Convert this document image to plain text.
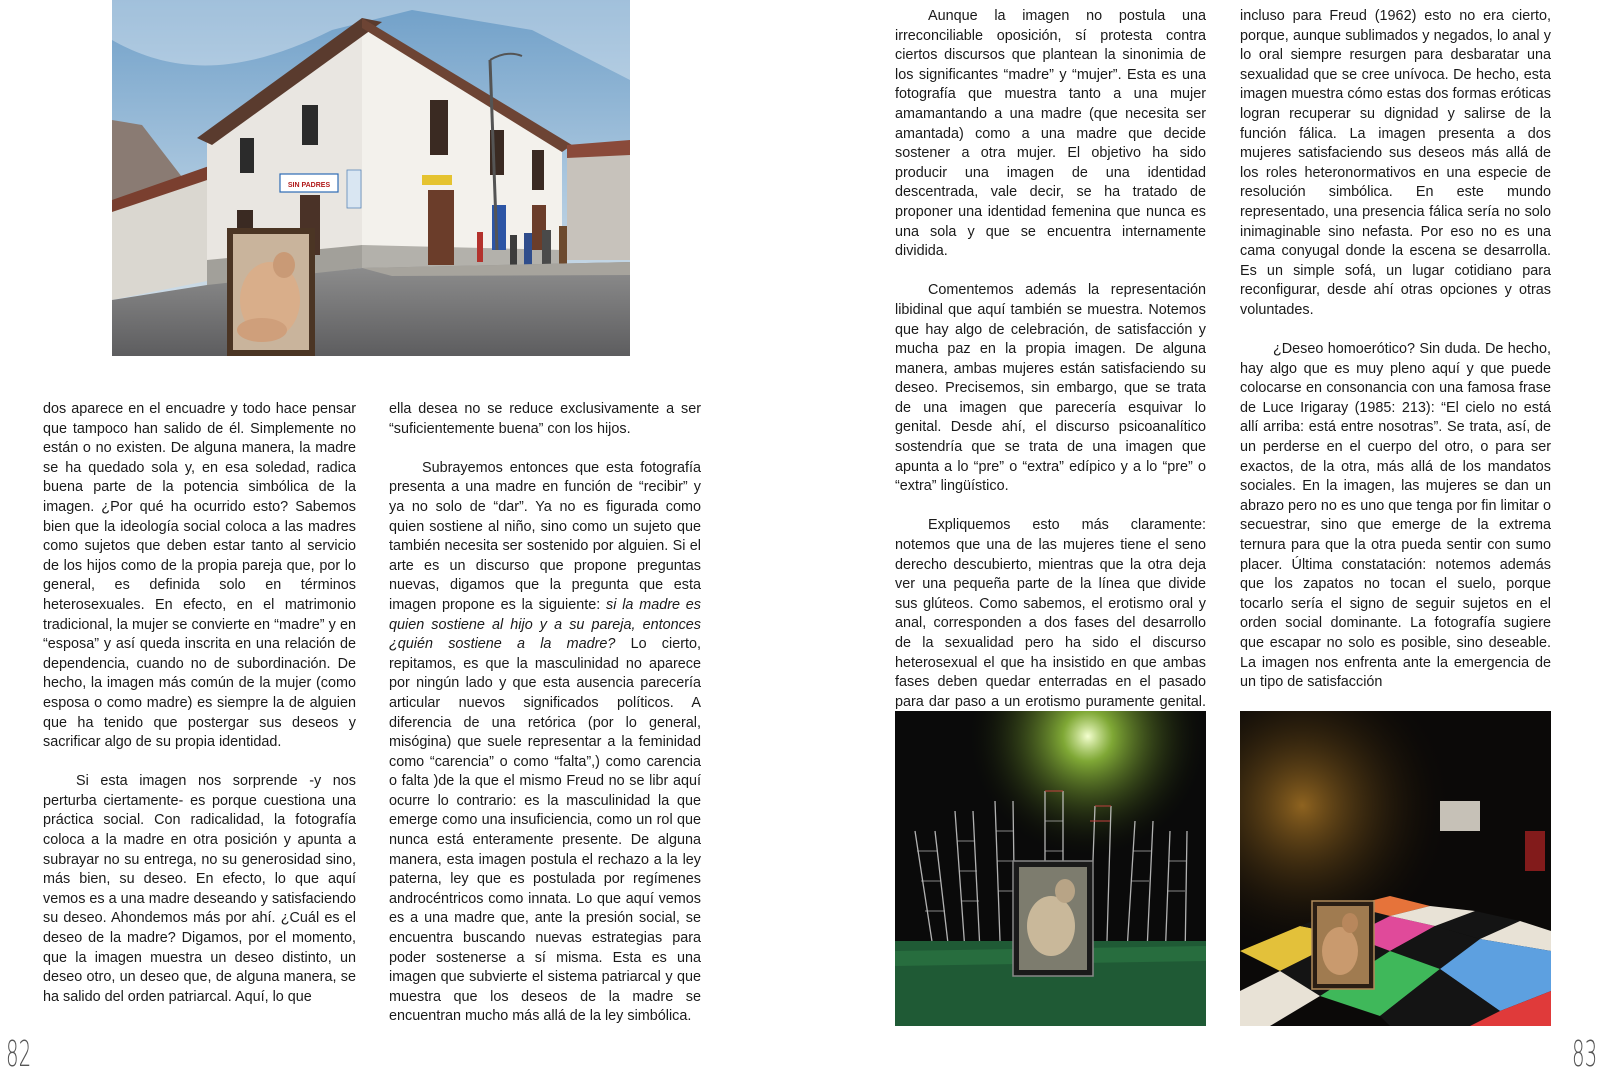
SIN PADRES

dos aparece en el encuadre y todo hace pensar que tampoco han salido de él. Simplemente no están o no existen. De alguna manera, la madre se ha quedado sola y, en esa soledad, radica buena parte de la potencia simbólica de la imagen. ¿Por qué ha ocurrido esto? Sabemos bien que la ideología social coloca a las madres como sujetos que deben estar tanto al servicio de los hijos como de la propia pareja que, por lo general, es definida solo en términos heterosexuales. En efecto, en el matrimonio tradicional, la mujer se convierte en “madre” y en “esposa” y así queda inscrita en una relación de dependencia, cuando no de subordinación. De hecho, la imagen más común de la mujer (como esposa o como madre) es siempre la de alguien que ha tenido que postergar sus deseos y sacrificar algo de su propia identidad.

Si esta imagen nos sorprende -y nos perturba ciertamente- es porque cuestiona una práctica social. Con radicalidad, la fotografía coloca a la madre en otra posición y apunta a subrayar no su entrega, no su generosidad sino, más bien, su deseo. En efecto, lo que aquí vemos es a una madre deseando y satisfaciendo su deseo. Ahondemos más por ahí. ¿Cuál es el deseo de la madre? Digamos, por el momento, que la imagen muestra un deseo distinto, un deseo otro, un deseo que, de alguna manera, se ha salido del orden patriarcal. Aquí, lo que

ella desea no se reduce exclusivamente a ser “suficientemente buena” con los hijos.

Subrayemos entonces que esta fotografía presenta a una madre en función de “recibir” y ya no solo de “dar”. Ya no es figurada como quien sostiene al niño, sino como un sujeto que también necesita ser sostenido por alguien. Si el arte es un discurso que propone preguntas nuevas, digamos que la pregunta que esta imagen propone es la siguiente: si la madre es quien sostiene al hijo y a su pareja, entonces ¿quién sostiene a la madre? Lo cierto, repitamos, es que la masculinidad no aparece por ningún lado y que esta ausencia parecería articular nuevos significados políticos. A diferencia de una retórica (por lo general, misógina) que suele representar a la feminidad como “carencia” o como “falta”,) como carencia o falta )de la que el mismo Freud no se libr aquí ocurre lo contrario: es la masculinidad la que emerge como una insuficiencia, como un rol que nunca está enteramente presente. De alguna manera, esta imagen postula el rechazo a la ley paterna, ley que es postulada por regímenes androcéntricos como innata. Lo que aquí vemos es a una madre que, ante la presión social, se encuentra buscando nuevas estrategias para poder sostenerse a sí misma. Esta es una imagen que subvierte el sistema patriarcal y que muestra que los deseos de la madre se encuentran mucho más allá de la ley simbólica.

82

Aunque la imagen no postula una irreconciliable oposición, sí protesta contra ciertos discursos que plantean la sinonimia de los significantes “madre” y “mujer”. Esta es una fotografía que muestra tanto a una mujer amamantando a una madre (que necesita ser amantada) como a una madre que decide sostener a otra mujer. El objetivo ha sido producir una imagen de una identidad descentrada, vale decir, se ha tratado de proponer una identidad femenina que nunca es una sola y que se encuentra internamente dividida.

Comentemos además la representación libidinal que aquí también se muestra. Notemos que hay algo de celebración, de satisfacción y mucha paz en la propia imagen. De alguna manera, ambas mujeres están satisfaciendo su deseo. Precisemos, sin embargo, que se trata de una imagen que parecería esquivar lo genital. Desde ahí, el discurso psicoanalítico sostendría que se trata de una imagen que apunta a lo “pre” o “extra” edípico y a lo “pre” o “extra” lingüístico.

Expliquemos esto más claramente: notemos que una de las mujeres tiene el seno derecho descubierto, mientras que la otra deja ver una pequeña parte de la línea que divide sus glúteos. Como sabemos, el erotismo oral y anal, corresponden a dos fases del desarrollo de la sexualidad pero ha sido el discurso heterosexual el que ha insistido en que ambas fases deben quedar enterradas en el pasado para dar paso a un erotismo puramente genital.

incluso para Freud (1962) esto no era cierto, porque, aunque sublimados y negados, lo anal y lo oral siempre resurgen para desbaratar una sexualidad que se cree unívoca. De hecho, esta imagen muestra cómo estas dos formas eróticas logran recuperar su dignidad y salirse de la función fálica. La imagen presenta a dos mujeres satisfaciendo sus deseos más allá de los roles heteronormativos en una especie de resolución simbólica. En este mundo representado, una presencia fálica sería no solo inimaginable sino nefasta. Por eso no es una cama conyugal donde la escena se desarrolla. Es un simple sofá, un lugar cotidiano para reconfigurar, desde ahí otras opciones y otras voluntades.

¿Deseo homoerótico? Sin duda. De hecho, hay algo que es muy pleno aquí y que puede colocarse en consonancia con una famosa frase de Luce Irigaray (1985: 213): “El cielo no está allí arriba: está entre nosotras”. Se trata, así, de un perderse en el cuerpo del otro, o para ser exactos, de la otra, más allá de los mandatos sociales. En la imagen, las mujeres se dan un abrazo pero no es uno que tenga por fin limitar o secuestrar, sino que emerge de la extrema ternura para que la otra pueda sentir con sumo placer. Última constatación: notemos además que los zapatos no tocan el suelo, porque tocarlo sería el signo de seguir sujetos en el orden social dominante. La fotografía sugiere que escapar no solo es posible, sino deseable. La imagen nos enfrenta ante la emergencia de un tipo de satisfacción

83
